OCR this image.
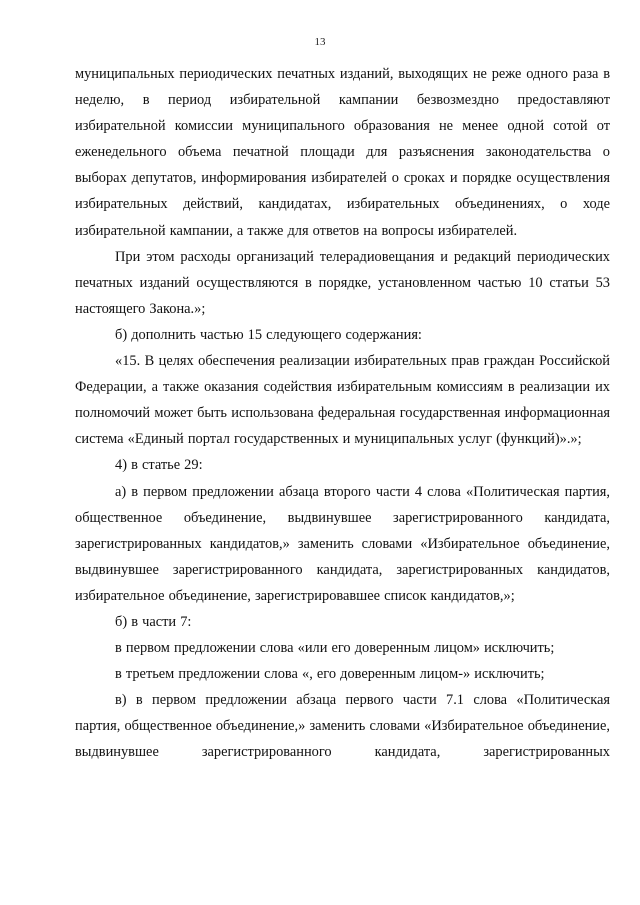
13

муниципальных периодических печатных изданий, выходящих не реже одного раза в неделю, в период избирательной кампании безвозмездно предоставляют избирательной комиссии муниципального образования не менее одной сотой от еженедельного объема печатной площади для разъяснения законодательства о выборах депутатов, информирования избирателей о сроках и порядке осуществления избирательных действий, кандидатах, избирательных объединениях, о ходе избирательной кампании, а также для ответов на вопросы избирателей.

При этом расходы организаций телерадиовещания и редакций периодических печатных изданий осуществляются в порядке, установленном частью 10 статьи 53 настоящего Закона.»;

б) дополнить частью 15 следующего содержания:

«15. В целях обеспечения реализации избирательных прав граждан Российской Федерации, а также оказания содействия избирательным комиссиям в реализации их полномочий может быть использована федеральная государственная информационная система «Единый портал государственных и муниципальных услуг (функций)».»;

4) в статье 29:

а) в первом предложении абзаца второго части 4 слова «Политическая партия, общественное объединение, выдвинувшее зарегистрированного кандидата, зарегистрированных кандидатов,» заменить словами «Избирательное объединение, выдвинувшее зарегистрированного кандидата, зарегистрированных кандидатов, избирательное объединение, зарегистрировавшее список кандидатов,»;

б) в части 7:

в первом предложении слова «или его доверенным лицом» исключить;

в третьем предложении слова «, его доверенным лицом-» исключить;

в) в первом предложении абзаца первого части 7.1 слова «Политическая партия, общественное объединение,» заменить словами «Избирательное объединение, выдвинувшее зарегистрированного кандидата, зарегистрированных
